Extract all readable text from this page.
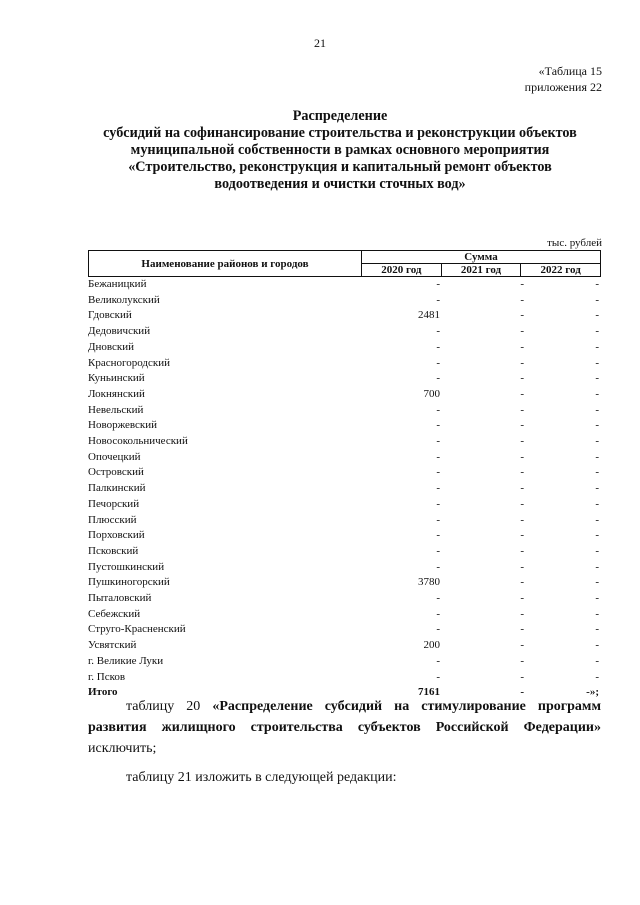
21
«Таблица 15
приложения 22
Распределение
субсидий на софинансирование строительства и реконструкции объектов
муниципальной собственности в рамках основного мероприятия
«Строительство, реконструкция и капитальный ремонт объектов
водоотведения и очистки сточных вод»
тыс. рублей
Наименование районов и городов	Сумма		
	2020 год	2021 год	2022 год
Бежаницкий	-	-	-
Великолукский	-	-	-
Гдовский	2481	-	-
Дедовичский	-	-	-
Дновский	-	-	-
Красногородский	-	-	-
Куньинский	-	-	-
Локнянский	700	-	-
Невельский	-	-	-
Новоржевский	-	-	-
Новосокольнический	-	-	-
Опочецкий	-	-	-
Островский	-	-	-
Палкинский	-	-	-
Печорский	-	-	-
Плюсский	-	-	-
Порховский	-	-	-
Псковский	-	-	-
Пустошкинский	-	-	-
Пушкиногорский	3780	-	-
Пыталовский	-	-	-
Себежский	-	-	-
Струго-Красненский	-	-	-
Усвятский	200	-	-
г. Великие Луки	-	-	-
г. Псков	-	-	-
Итого	7161	-	-»;
таблицу 20 «Распределение субсидий на стимулирование программ развития жилищного строительства субъектов Российской Федерации» исключить;
таблицу 21 изложить в следующей редакции:
